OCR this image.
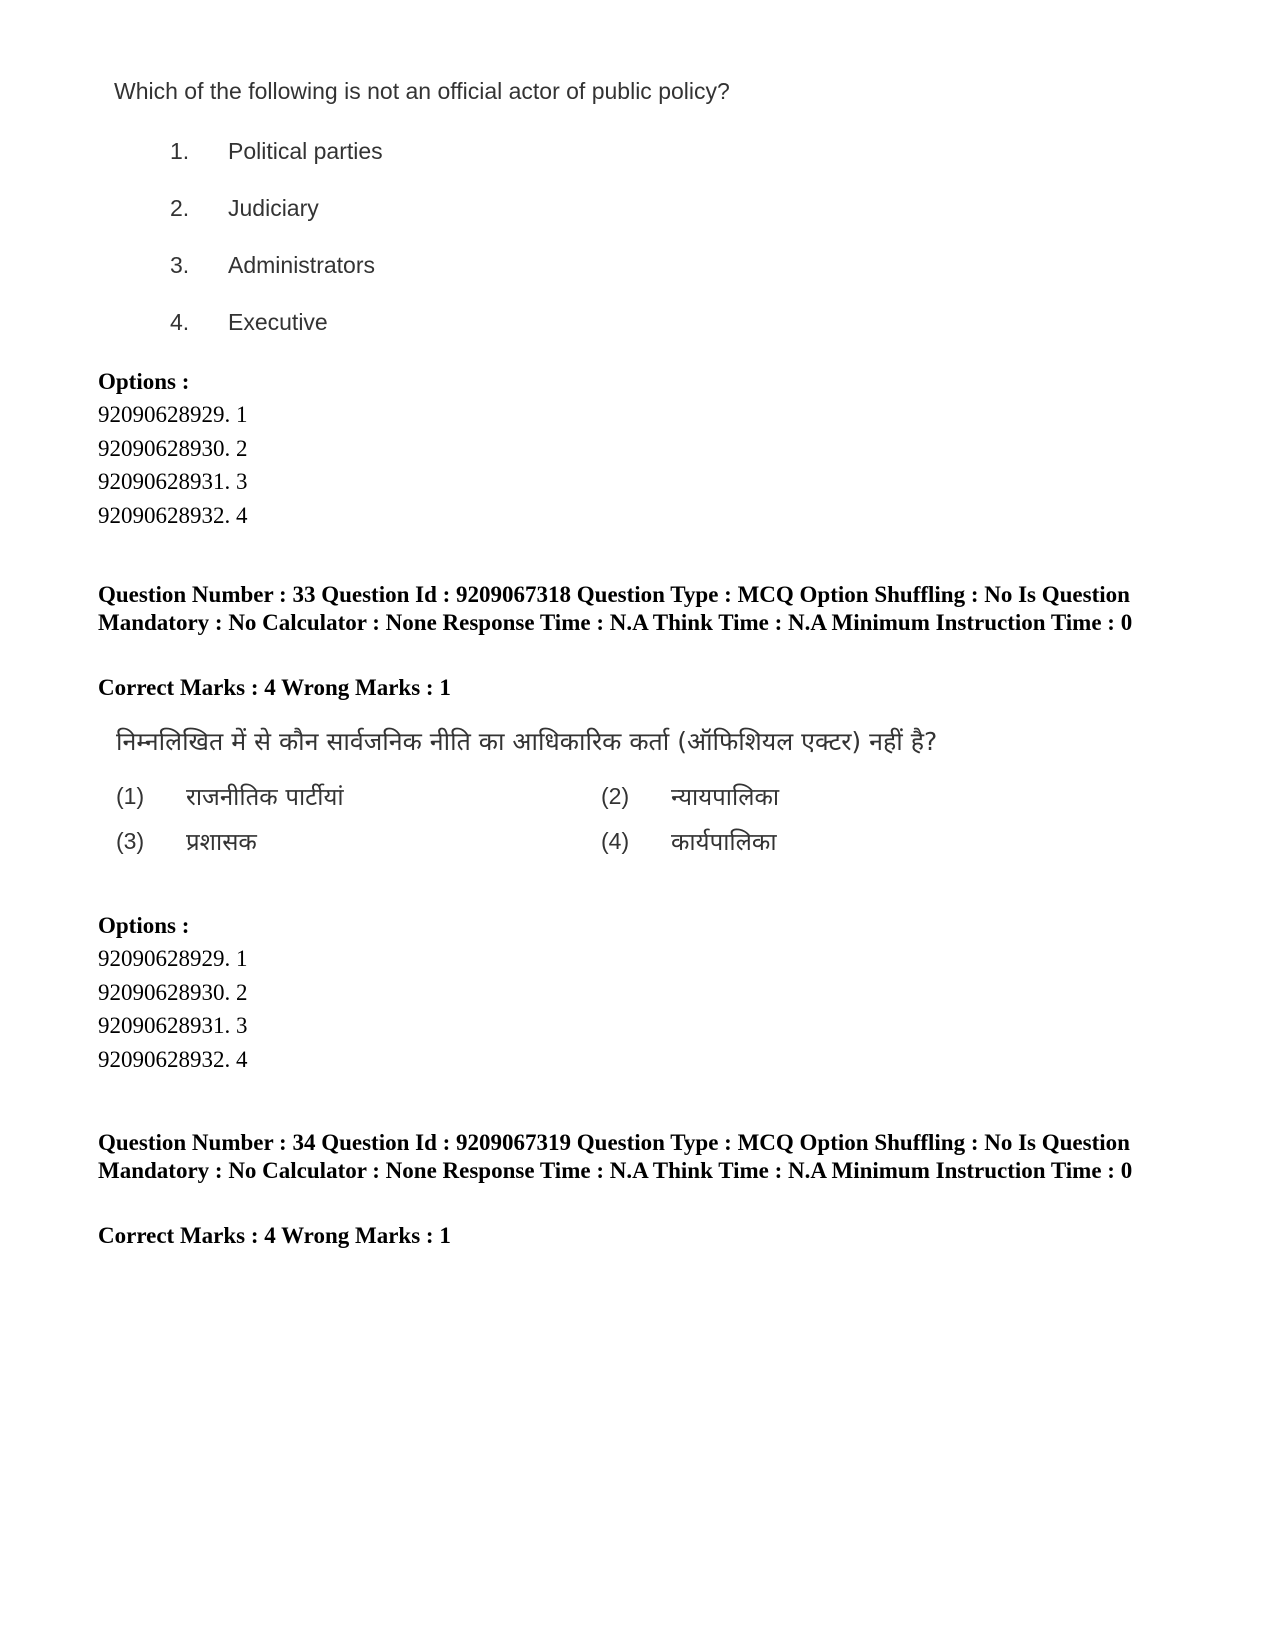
Which of the following is not an official actor of public policy?
1.	Political parties
2.	Judiciary
3.	Administrators
4.	Executive
Options :
92090628929. 1
92090628930. 2
92090628931. 3
92090628932. 4
Question Number : 33 Question Id : 9209067318 Question Type : MCQ Option Shuffling : No Is Question Mandatory : No Calculator : None Response Time : N.A Think Time : N.A Minimum Instruction Time : 0
Correct Marks : 4 Wrong Marks : 1
निम्नलिखित में से कौन सार्वजनिक नीति का आधिकारिक कर्ता (ऑफिशियल एक्टर) नहीं है?
(1)	राजनीतिक पार्टीयां	(2)	न्यायपालिका
(3)	प्रशासक	(4)	कार्यपालिका
Options :
92090628929. 1
92090628930. 2
92090628931. 3
92090628932. 4
Question Number : 34 Question Id : 9209067319 Question Type : MCQ Option Shuffling : No Is Question Mandatory : No Calculator : None Response Time : N.A Think Time : N.A Minimum Instruction Time : 0
Correct Marks : 4 Wrong Marks : 1
